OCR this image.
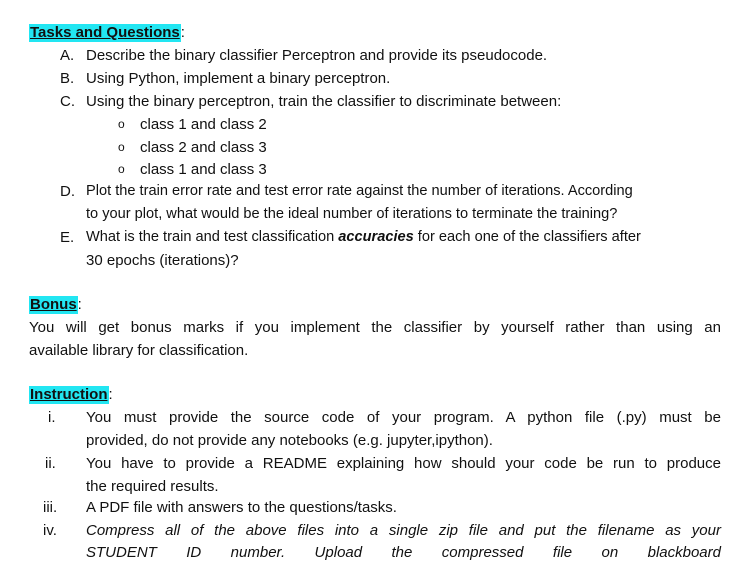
Tasks and Questions:
A. Describe the binary classifier Perceptron and provide its pseudocode.
B. Using Python, implement a binary perceptron.
C. Using the binary perceptron, train the classifier to discriminate between:
o class 1 and class 2
o class 2 and class 3
o class 1 and class 3
D. Plot the train error rate and test error rate against the number of iterations. According
to your plot, what would be the ideal number of iterations to terminate the training?
E. What is the train and test classification accuracies for each one of the classifiers after
30 epochs (iterations)?
Bonus:
You will get bonus marks if you implement the classifier by yourself rather than using an
available library for classification.
Instruction:
i. You must provide the source code of your program. A python file (.py) must be
provided, do not provide any notebooks (e.g. jupyter,ipython).
ii. You have to provide a README explaining how should your code be run to produce
the required results.
iii. A PDF file with answers to the questions/tasks.
iv. Compress all of the above files into a single zip file and put the filename as your
STUDENT ID number. Upload the compressed file on blackboard
